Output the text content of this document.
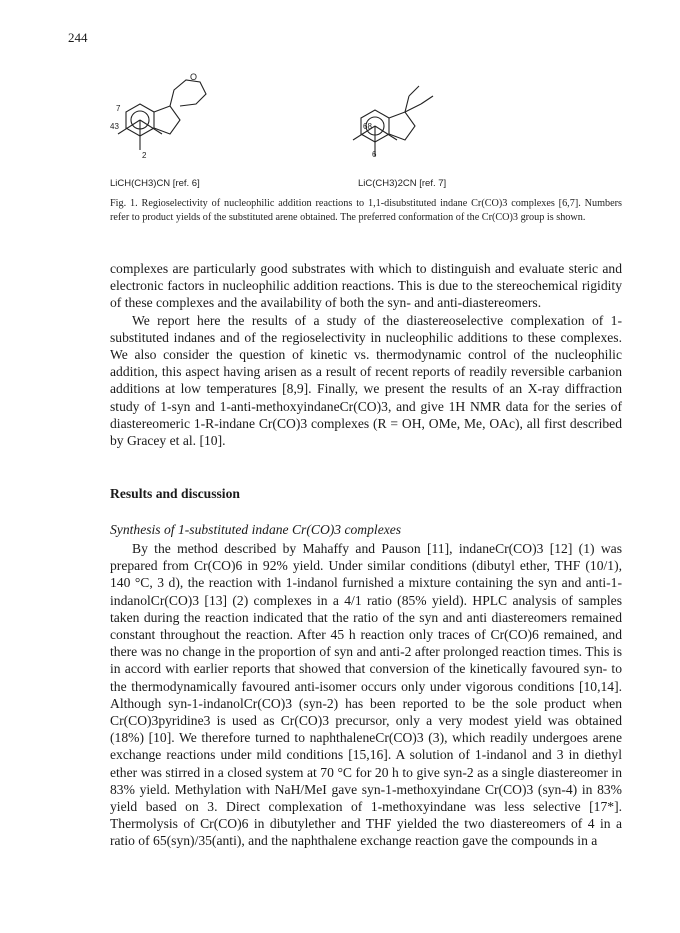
244
O
7
43
2
LiCH(CH3)CN [ref. 6]
68
6
LiC(CH3)2CN [ref. 7]
Fig. 1. Regioselectivity of nucleophilic addition reactions to 1,1-disubstituted indane Cr(CO)3 complexes [6,7]. Numbers refer to product yields of the substituted arene obtained. The preferred conformation of the Cr(CO)3 group is shown.

complexes are particularly good substrates with which to distinguish and evaluate steric and electronic factors in nucleophilic addition reactions. This is due to the stereochemical rigidity of these complexes and the availability of both the syn- and anti-diastereomers.

We report here the results of a study of the diastereoselective complexation of 1-substituted indanes and of the regioselectivity in nucleophilic additions to these complexes. We also consider the question of kinetic vs. thermodynamic control of the nucleophilic addition, this aspect having arisen as a result of recent reports of readily reversible carbanion additions at low temperatures [8,9]. Finally, we present the results of an X-ray diffraction study of 1-syn and 1-anti-methoxyindaneCr(CO)3, and give 1H NMR data for the series of diastereomeric 1-R-indane Cr(CO)3 complexes (R = OH, OMe, Me, OAc), all first described by Gracey et al. [10].

Results and discussion
Synthesis of 1-substituted indane Cr(CO)3 complexes

By the method described by Mahaffy and Pauson [11], indaneCr(CO)3 [12] (1) was prepared from Cr(CO)6 in 92% yield. Under similar conditions (dibutyl ether, THF (10/1), 140 °C, 3 d), the reaction with 1-indanol furnished a mixture containing the syn and anti-1-indanolCr(CO)3 [13] (2) complexes in a 4/1 ratio (85% yield). HPLC analysis of samples taken during the reaction indicated that the ratio of the syn and anti diastereomers remained constant throughout the reaction. After 45 h reaction only traces of Cr(CO)6 remained, and there was no change in the proportion of syn and anti-2 after prolonged reaction times. This is in accord with earlier reports that showed that conversion of the kinetically favoured syn- to the thermodynamically favoured anti-isomer occurs only under vigorous conditions [10,14]. Although syn-1-indanolCr(CO)3 (syn-2) has been reported to be the sole product when Cr(CO)3pyridine3 is used as Cr(CO)3 precursor, only a very modest yield was obtained (18%) [10]. We therefore turned to naphthaleneCr(CO)3 (3), which readily undergoes arene exchange reactions under mild conditions [15,16]. A solution of 1-indanol and 3 in diethyl ether was stirred in a closed system at 70 °C for 20 h to give syn-2 as a single diastereomer in 83% yield. Methylation with NaH/MeI gave syn-1-methoxyindane Cr(CO)3 (syn-4) in 83% yield based on 3. Direct complexation of 1-methoxyindane was less selective [17*]. Thermolysis of Cr(CO)6 in dibutylether and THF yielded the two diastereomers of 4 in a ratio of 65(syn)/35(anti), and the naphthalene exchange reaction gave the compounds in a
